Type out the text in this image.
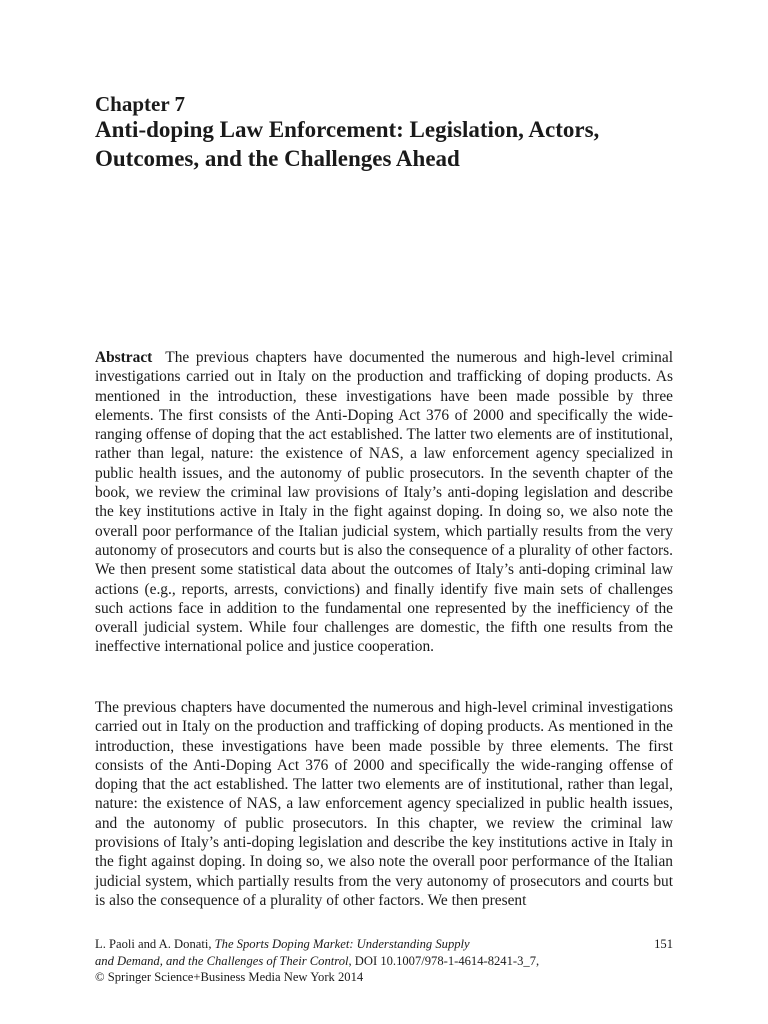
Chapter 7
Anti-doping Law Enforcement: Legislation, Actors, Outcomes, and the Challenges Ahead

Abstract The previous chapters have documented the numerous and high-level criminal investigations carried out in Italy on the production and trafficking of doping products. As mentioned in the introduction, these investigations have been made possible by three elements. The first consists of the Anti-Doping Act 376 of 2000 and specifically the wide-ranging offense of doping that the act established. The latter two elements are of institutional, rather than legal, nature: the existence of NAS, a law enforcement agency specialized in public health issues, and the autonomy of public prosecutors. In the seventh chapter of the book, we review the criminal law provisions of Italy’s anti-doping legislation and describe the key institutions active in Italy in the fight against doping. In doing so, we also note the overall poor performance of the Italian judicial system, which partially results from the very autonomy of prosecutors and courts but is also the consequence of a plurality of other factors. We then present some statistical data about the outcomes of Italy’s anti-doping criminal law actions (e.g., reports, arrests, convictions) and finally identify five main sets of challenges such actions face in addition to the fundamental one represented by the inefficiency of the overall judicial system. While four challenges are domestic, the fifth one results from the ineffective international police and justice cooperation.

The previous chapters have documented the numerous and high-level criminal investigations carried out in Italy on the production and trafficking of doping products. As mentioned in the introduction, these investigations have been made possible by three elements. The first consists of the Anti-Doping Act 376 of 2000 and specifically the wide-ranging offense of doping that the act established. The latter two elements are of institutional, rather than legal, nature: the existence of NAS, a law enforcement agency specialized in public health issues, and the autonomy of public prosecutors. In this chapter, we review the criminal law provisions of Italy’s anti-doping legislation and describe the key institutions active in Italy in the fight against doping. In doing so, we also note the overall poor performance of the Italian judicial system, which partially results from the very autonomy of prosecutors and courts but is also the consequence of a plurality of other factors. We then present

L. Paoli and A. Donati, The Sports Doping Market: Understanding Supply
and Demand, and the Challenges of Their Control, DOI 10.1007/978-1-4614-8241-3_7,
© Springer Science+Business Media New York 2014
151
